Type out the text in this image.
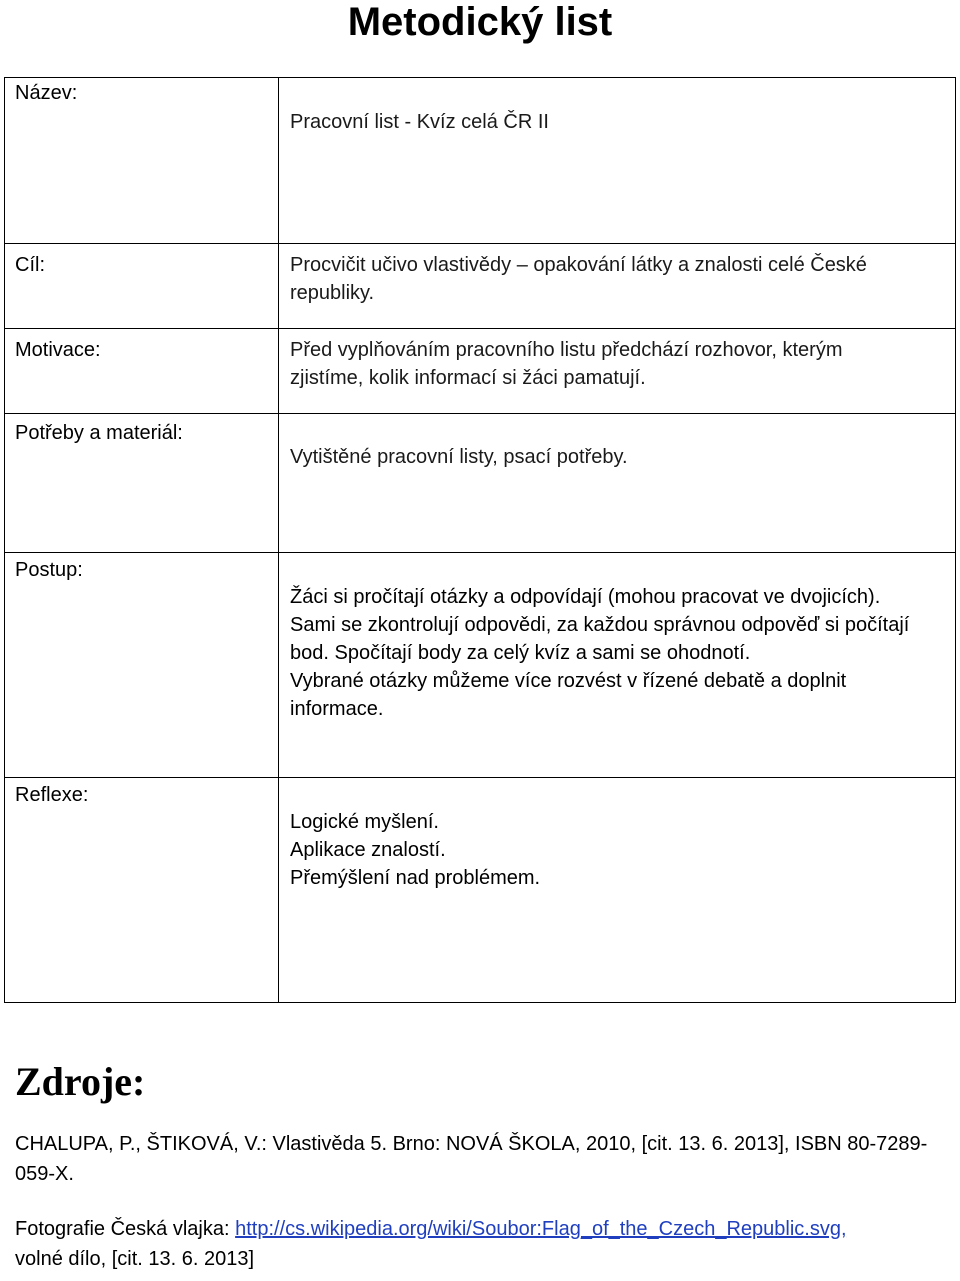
Metodický list
Název:	Pracovní list - Kvíz celá ČR II

Cíl:	Procvičit učivo vlastivědy – opakování látky a znalosti celé České
republiky.

Motivace:	Před vyplňováním pracovního listu předchází rozhovor, kterým
zjistíme, kolik informací si žáci pamatují.

Potřeby a materiál:	Vytištěné pracovní listy, psací potřeby.

Postup:	Žáci si pročítají otázky a odpovídají (mohou pracovat ve dvojicích).
Sami se zkontrolují odpovědi, za každou správnou odpověď si počítají
bod. Spočítají body za celý kvíz a sami se ohodnotí.
Vybrané otázky můžeme více rozvést v řízené debatě a doplnit
informace.

Reflexe:	Logické myšlení.
Aplikace znalostí.
Přemýšlení nad problémem.

Zdroje:

CHALUPA, P., ŠTIKOVÁ, V.: Vlastivěda 5. Brno: NOVÁ ŠKOLA, 2010, [cit. 13. 6. 2013], ISBN 80-7289-
059-X.
Fotografie Česká vlajka: http://cs.wikipedia.org/wiki/Soubor:Flag_of_the_Czech_Republic.svg,
volné dílo, [cit. 13. 6. 2013]
